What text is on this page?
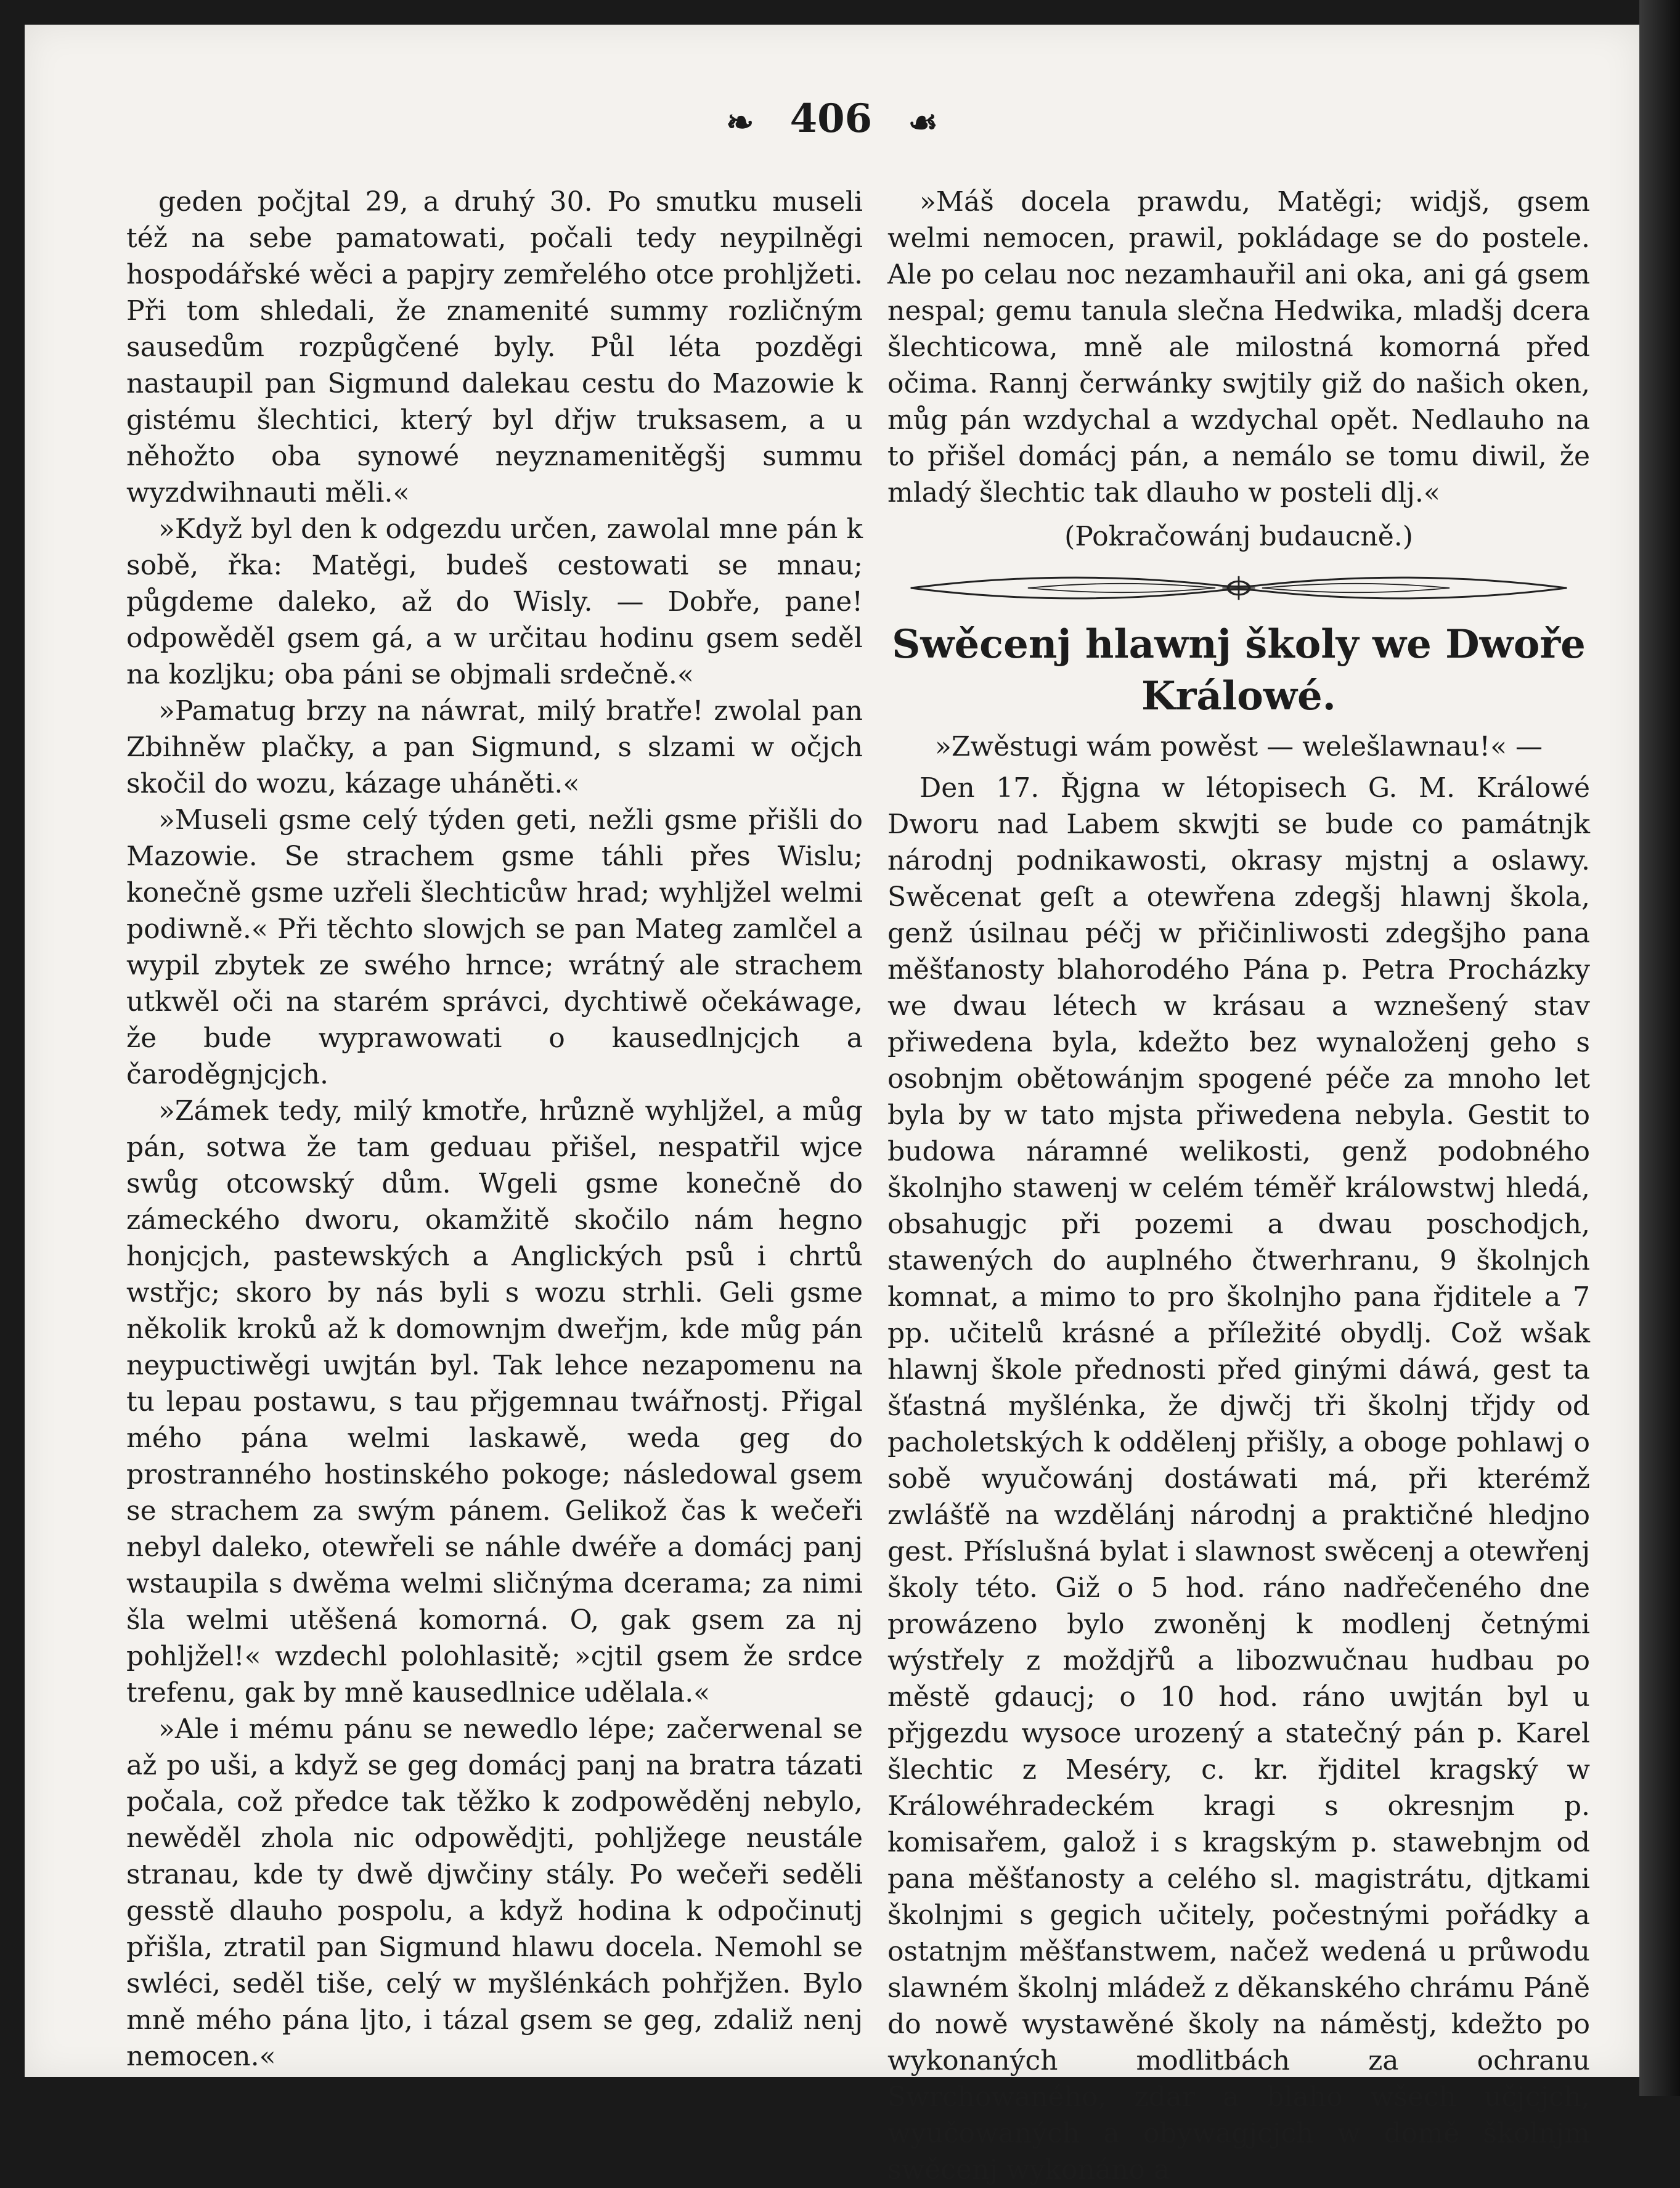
❧ 406 ☙

geden počjtal 29, a druhý 30. Po smutku museli též na sebe pamatowati, počali tedy neypilněgi hospodářské wěci a papjry zemřelého otce prohljžeti. Při tom shledali, že znamenité summy rozličným sausedům rozpůgčené byly. Půl léta pozděgi nastaupil pan Sigmund dalekau cestu do Mazowie k gistému šlechtici, který byl dřjw truksasem, a u něhožto oba synowé neyznamenitěgšj summu wyzdwihnauti měli.«

»Když byl den k odgezdu určen, zawolal mne pán k sobě, řka: Matěgi, budeš cestowati se mnau; půgdeme daleko, až do Wisly. — Dobře, pane! odpowěděl gsem gá, a w určitau hodinu gsem seděl na kozljku; oba páni se objmali srdečně.«

»Pamatug brzy na náwrat, milý bratře! zwolal pan Zbihněw plačky, a pan Sigmund, s slzami w očjch skočil do wozu, kázage uháněti.«

»Museli gsme celý týden geti, nežli gsme přišli do Mazowie. Se strachem gsme táhli přes Wislu; konečně gsme uzřeli šlechticůw hrad; wyhljžel welmi podiwně.« Při těchto slowjch se pan Mateg zamlčel a wypil zbytek ze swého hrnce; wrátný ale strachem utkwěl oči na starém správci, dychtiwě očekáwage, že bude wyprawowati o kausedlnjcjch a čaroděgnjcjch.

»Zámek tedy, milý kmotře, hrůzně wyhljžel, a můg pán, sotwa že tam geduau přišel, nespatřil wjce swůg otcowský dům. Wgeli gsme konečně do zámeckého dworu, okamžitě skočilo nám hegno honjcjch, pastewských a Anglických psů i chrtů wstřjc; skoro by nás byli s wozu strhli. Geli gsme několik kroků až k domownjm dweřjm, kde můg pán neypuctiwěgi uwjtán byl. Tak lehce nezapomenu na tu lepau postawu, s tau přjgemnau twářnostj. Přigal mého pána welmi laskawě, weda geg do prostranného hostinského pokoge; následowal gsem se strachem za swým pánem. Gelikož čas k wečeři nebyl daleko, otewřeli se náhle dwéře a domácj panj wstaupila s dwěma welmi sličnýma dcerama; za nimi šla welmi utěšená komorná. O, gak gsem za nj pohljžel!« wzdechl polohlasitě; »cjtil gsem že srdce trefenu, gak by mně kausedlnice udělala.«

»Ale i mému pánu se newedlo lépe; začerwenal se až po uši, a když se geg domácj panj na bratra tázati počala, což předce tak těžko k zodpowěděnj nebylo, newěděl zhola nic odpowědjti, pohljžege neustále stranau, kde ty dwě djwčiny stály. Po wečeři seděli gesstě dlauho pospolu, a když hodina k odpočinutj přišla, ztratil pan Sigmund hlawu docela. Nemohl se swléci, seděl tiše, celý w myšlénkách pohřjžen. Bylo mně mého pána ljto, i tázal gsem se geg, zdaliž nenj nemocen.«

»Máš docela prawdu, Matěgi; widjš, gsem welmi nemocen, prawil, pokládage se do postele. Ale po celau noc nezamhauřil ani oka, ani gá gsem nespal; gemu tanula slečna Hedwika, mladšj dcera šlechticowa, mně ale milostná komorná před očima. Rannj čerwánky swjtily giž do našich oken, můg pán wzdychal a wzdychal opět. Nedlauho na to přišel domácj pán, a nemálo se tomu diwil, že mladý šlechtic tak dlauho w posteli dlj.«

(Pokračowánj budaucně.)

Swěcenj hlawnj školy we Dwoře Králowé.

»Zwěstugi wám powěst — welešlawnau!« —

Den 17. Řjgna w létopisech G. M. Králowé Dworu nad Labem skwjti se bude co památnjk národnj podnikawosti, okrasy mjstnj a oslawy. Swěcenat geſt a otewřena zdegšj hlawnj škola, genž úsilnau péčj w přičinliwosti zdegšjho pana měšťanosty blahorodého Pána p. Petra Procházky we dwau létech w krásau a wznešený stav přiwedena byla, kdežto bez wynaloženj geho s osobnjm obětowánjm spogené péče za mnoho let byla by w tato mjsta přiwedena nebyla. Gestit to budowa náramné welikosti, genž podobného školnjho stawenj w celém téměř králowstwj hledá, obsahugjc při pozemi a dwau poschodjch, stawených do auplného čtwerhranu, 9 školnjch komnat, a mimo to pro školnjho pana řjditele a 7 pp. učitelů krásné a příležité obydlj. Což wšak hlawnj škole přednosti před ginými dáwá, gest ta šťastná myšlénka, že djwčj tři školnj třjdy od pacholetských k oddělenj přišly, a oboge pohlawj o sobě wyučowánj dostáwati má, při kterémž zwlášťě na wzdělánj národnj a praktičné hledjno gest. Příslušná bylat i slawnost swěcenj a otewřenj školy této. Giž o 5 hod. ráno nadřečeného dne prowázeno bylo zwoněnj k modlenj četnými wýstřely z moždjřů a libozwučnau hudbau po městě gdaucj; o 10 hod. ráno uwjtán byl u přjgezdu wysoce urozený a statečný pán p. Karel šlechtic z Meséry, c. kr. řjditel kragský w Králowéhradeckém kragi s okresnjm p. komisařem, galož i s kragským p. stawebnjm od pana měšťanosty a celého sl. magistrátu, djtkami školnjmi s gegich učitely, počestnými pořádky a ostatnjm měšťanstwem, načež wedená u průwodu slawném školnj mládež z děkanského chrámu Páně do nowě wystawěné školy na náměstj, kdežto po wykonaných modlitbách za ochranu Swrchowaného, zdar a blaho wšech učjcjch, wyučowaných a obywagjcjch w domě školnjm swěcenj wykonáno a
